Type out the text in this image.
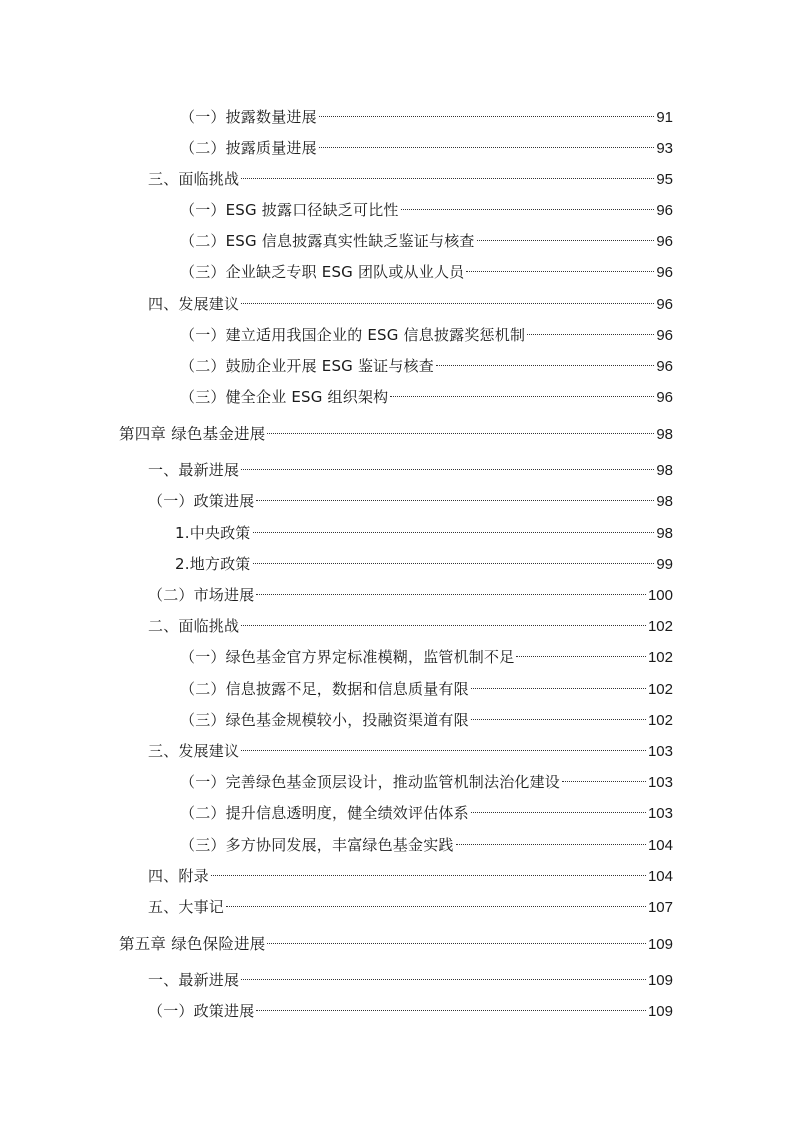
（一）披露数量进展	91
（二）披露质量进展	93
三、面临挑战	95
（一）ESG 披露口径缺乏可比性	96
（二）ESG 信息披露真实性缺乏鉴证与核查	96
（三）企业缺乏专职 ESG 团队或从业人员	96
四、发展建议	96
（一）建立适用我国企业的 ESG 信息披露奖惩机制	96
（二）鼓励企业开展 ESG 鉴证与核查	96
（三）健全企业 ESG 组织架构	96
第四章 绿色基金进展	98
一、最新进展	98
（一）政策进展	98
1.中央政策	98
2.地方政策	99
（二）市场进展	100
二、面临挑战	102
（一）绿色基金官方界定标准模糊，监管机制不足	102
（二）信息披露不足，数据和信息质量有限	102
（三）绿色基金规模较小，投融资渠道有限	102
三、发展建议	103
（一）完善绿色基金顶层设计，推动监管机制法治化建设	103
（二）提升信息透明度，健全绩效评估体系	103
（三）多方协同发展，丰富绿色基金实践	104
四、附录	104
五、大事记	107
第五章 绿色保险进展	109
一、最新进展	109
（一）政策进展	109
